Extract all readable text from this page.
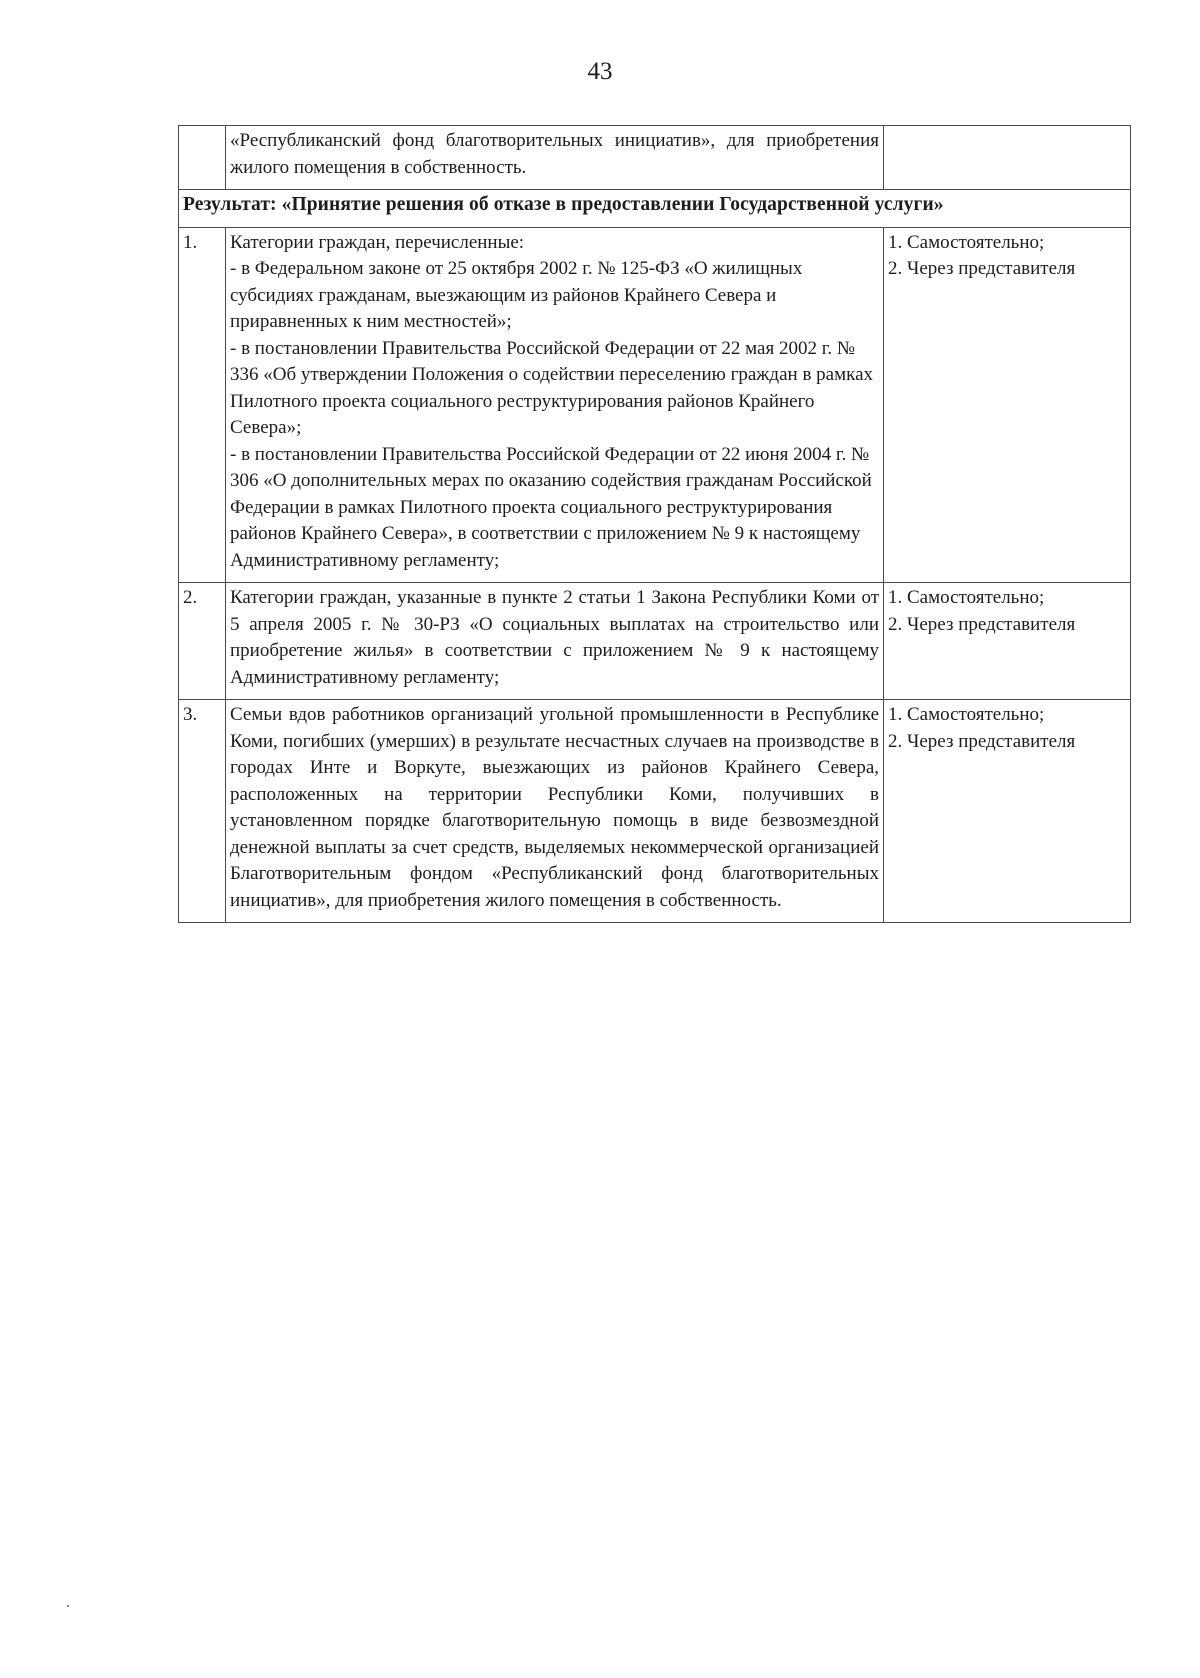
43
	«Республиканский фонд благотворительных инициатив», для приобретения жилого помещения в собственность.	
Результат: «Принятие решения об отказе в предоставлении Государственной услуги»		
1.	Категории граждан, перечисленные:
- в Федеральном законе от 25 октября 2002 г. № 125-ФЗ «О жилищных субсидиях гражданам, выезжающим из районов Крайнего Севера и приравненных к ним местностей»;
- в постановлении Правительства Российской Федерации от 22 мая 2002 г. № 336 «Об утверждении Положения о содействии переселению граждан в рамках Пилотного проекта социального реструктурирования районов Крайнего Севера»;
- в постановлении Правительства Российской Федерации от 22 июня 2004 г. № 306 «О дополнительных мерах по оказанию содействия гражданам Российской Федерации в рамках Пилотного проекта социального реструктурирования районов Крайнего Севера», в соответствии с приложением № 9 к настоящему Административному регламенту;	1. Самостоятельно;
2. Через представителя

2.	Категории граждан, указанные в пункте 2 статьи 1 Закона Республики Коми от 5 апреля 2005 г. № 30-РЗ «О социальных выплатах на строительство или приобретение жилья» в соответствии с приложением № 9 к настоящему Административному регламенту;	1. Самостоятельно;
2. Через представителя

3.	Семьи вдов работников организаций угольной промышленности в Республике Коми, погибших (умерших) в результате несчастных случаев на производстве в городах Инте и Воркуте, выезжающих из районов Крайнего Севера, расположенных на территории Республики Коми, получивших в установленном порядке благотворительную помощь в виде безвозмездной денежной выплаты за счет средств, выделяемых некоммерческой организацией Благотворительным фондом «Республиканский фонд благотворительных инициатив», для приобретения жилого помещения в собственность.	1. Самостоятельно;
2. Через представителя
